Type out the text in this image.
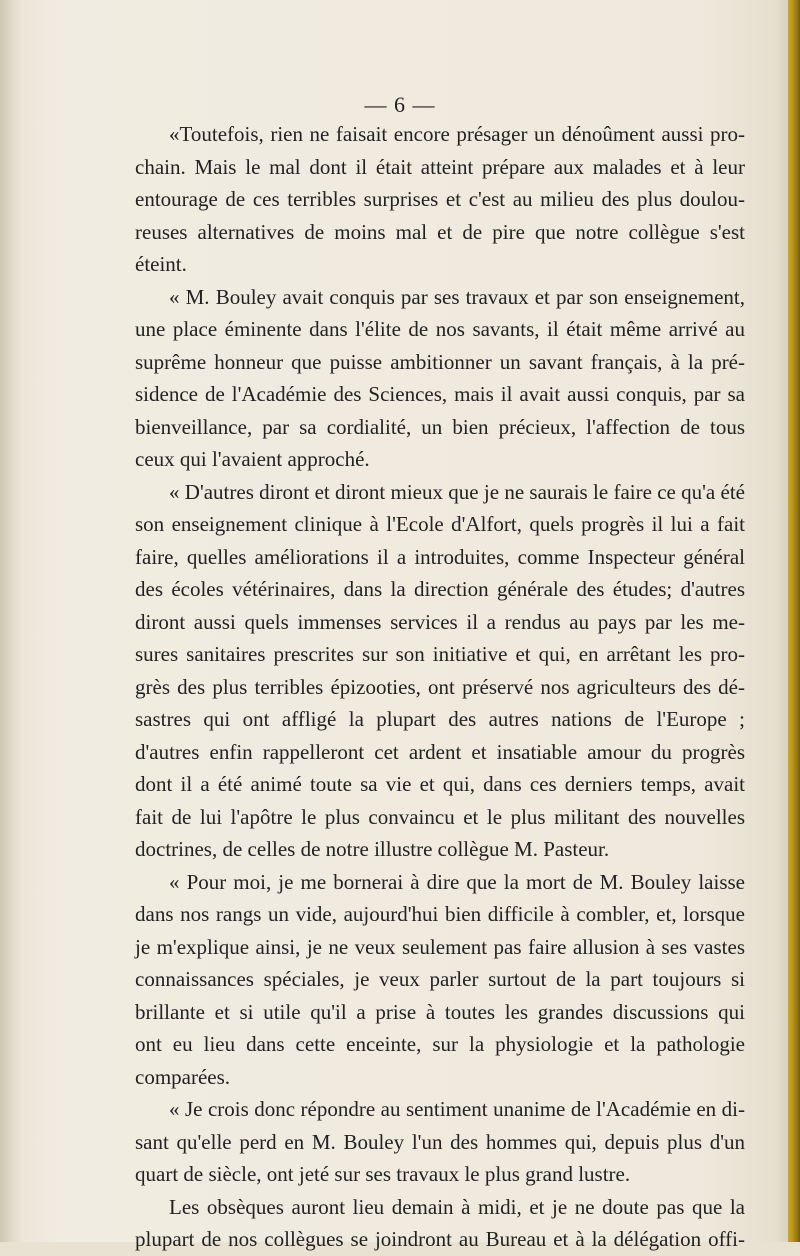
— 6 —
«Toutefois, rien ne faisait encore présager un dénoûment aussi pro-
chain. Mais le mal dont il était atteint prépare aux malades et à leur
entourage de ces terribles surprises et c'est au milieu des plus doulou-
reuses alternatives de moins mal et de pire que notre collègue s'est
éteint.
« M. Bouley avait conquis par ses travaux et par son enseignement,
une place éminente dans l'élite de nos savants, il était même arrivé au
suprême honneur que puisse ambitionner un savant français, à la pré-
sidence de l'Académie des Sciences, mais il avait aussi conquis, par sa
bienveillance, par sa cordialité, un bien précieux, l'affection de tous
ceux qui l'avaient approché.
« D'autres diront et diront mieux que je ne saurais le faire ce qu'a été
son enseignement clinique à l'Ecole d'Alfort, quels progrès il lui a fait
faire, quelles améliorations il a introduites, comme Inspecteur général
des écoles vétérinaires, dans la direction générale des études; d'autres
diront aussi quels immenses services il a rendus au pays par les me-
sures sanitaires prescrites sur son initiative et qui, en arrêtant les pro-
grès des plus terribles épizooties, ont préservé nos agriculteurs des dé-
sastres qui ont affligé la plupart des autres nations de l'Europe ;
d'autres enfin rappelleront cet ardent et insatiable amour du progrès
dont il a été animé toute sa vie et qui, dans ces derniers temps, avait
fait de lui l'apôtre le plus convaincu et le plus militant des nouvelles
doctrines, de celles de notre illustre collègue M. Pasteur.
« Pour moi, je me bornerai à dire que la mort de M. Bouley laisse
dans nos rangs un vide, aujourd'hui bien difficile à combler, et, lorsque
je m'explique ainsi, je ne veux seulement pas faire allusion à ses vastes
connaissances spéciales, je veux parler surtout de la part toujours si
brillante et si utile qu'il a prise à toutes les grandes discussions qui
ont eu lieu dans cette enceinte, sur la physiologie et la pathologie
comparées.
« Je crois donc répondre au sentiment unanime de l'Académie en di-
sant qu'elle perd en M. Bouley l'un des hommes qui, depuis plus d'un
quart de siècle, ont jeté sur ses travaux le plus grand lustre.
Les obsèques auront lieu demain à midi, et je ne doute pas que la
plupart de nos collègues se joindront au Bureau et à la délégation offi-
